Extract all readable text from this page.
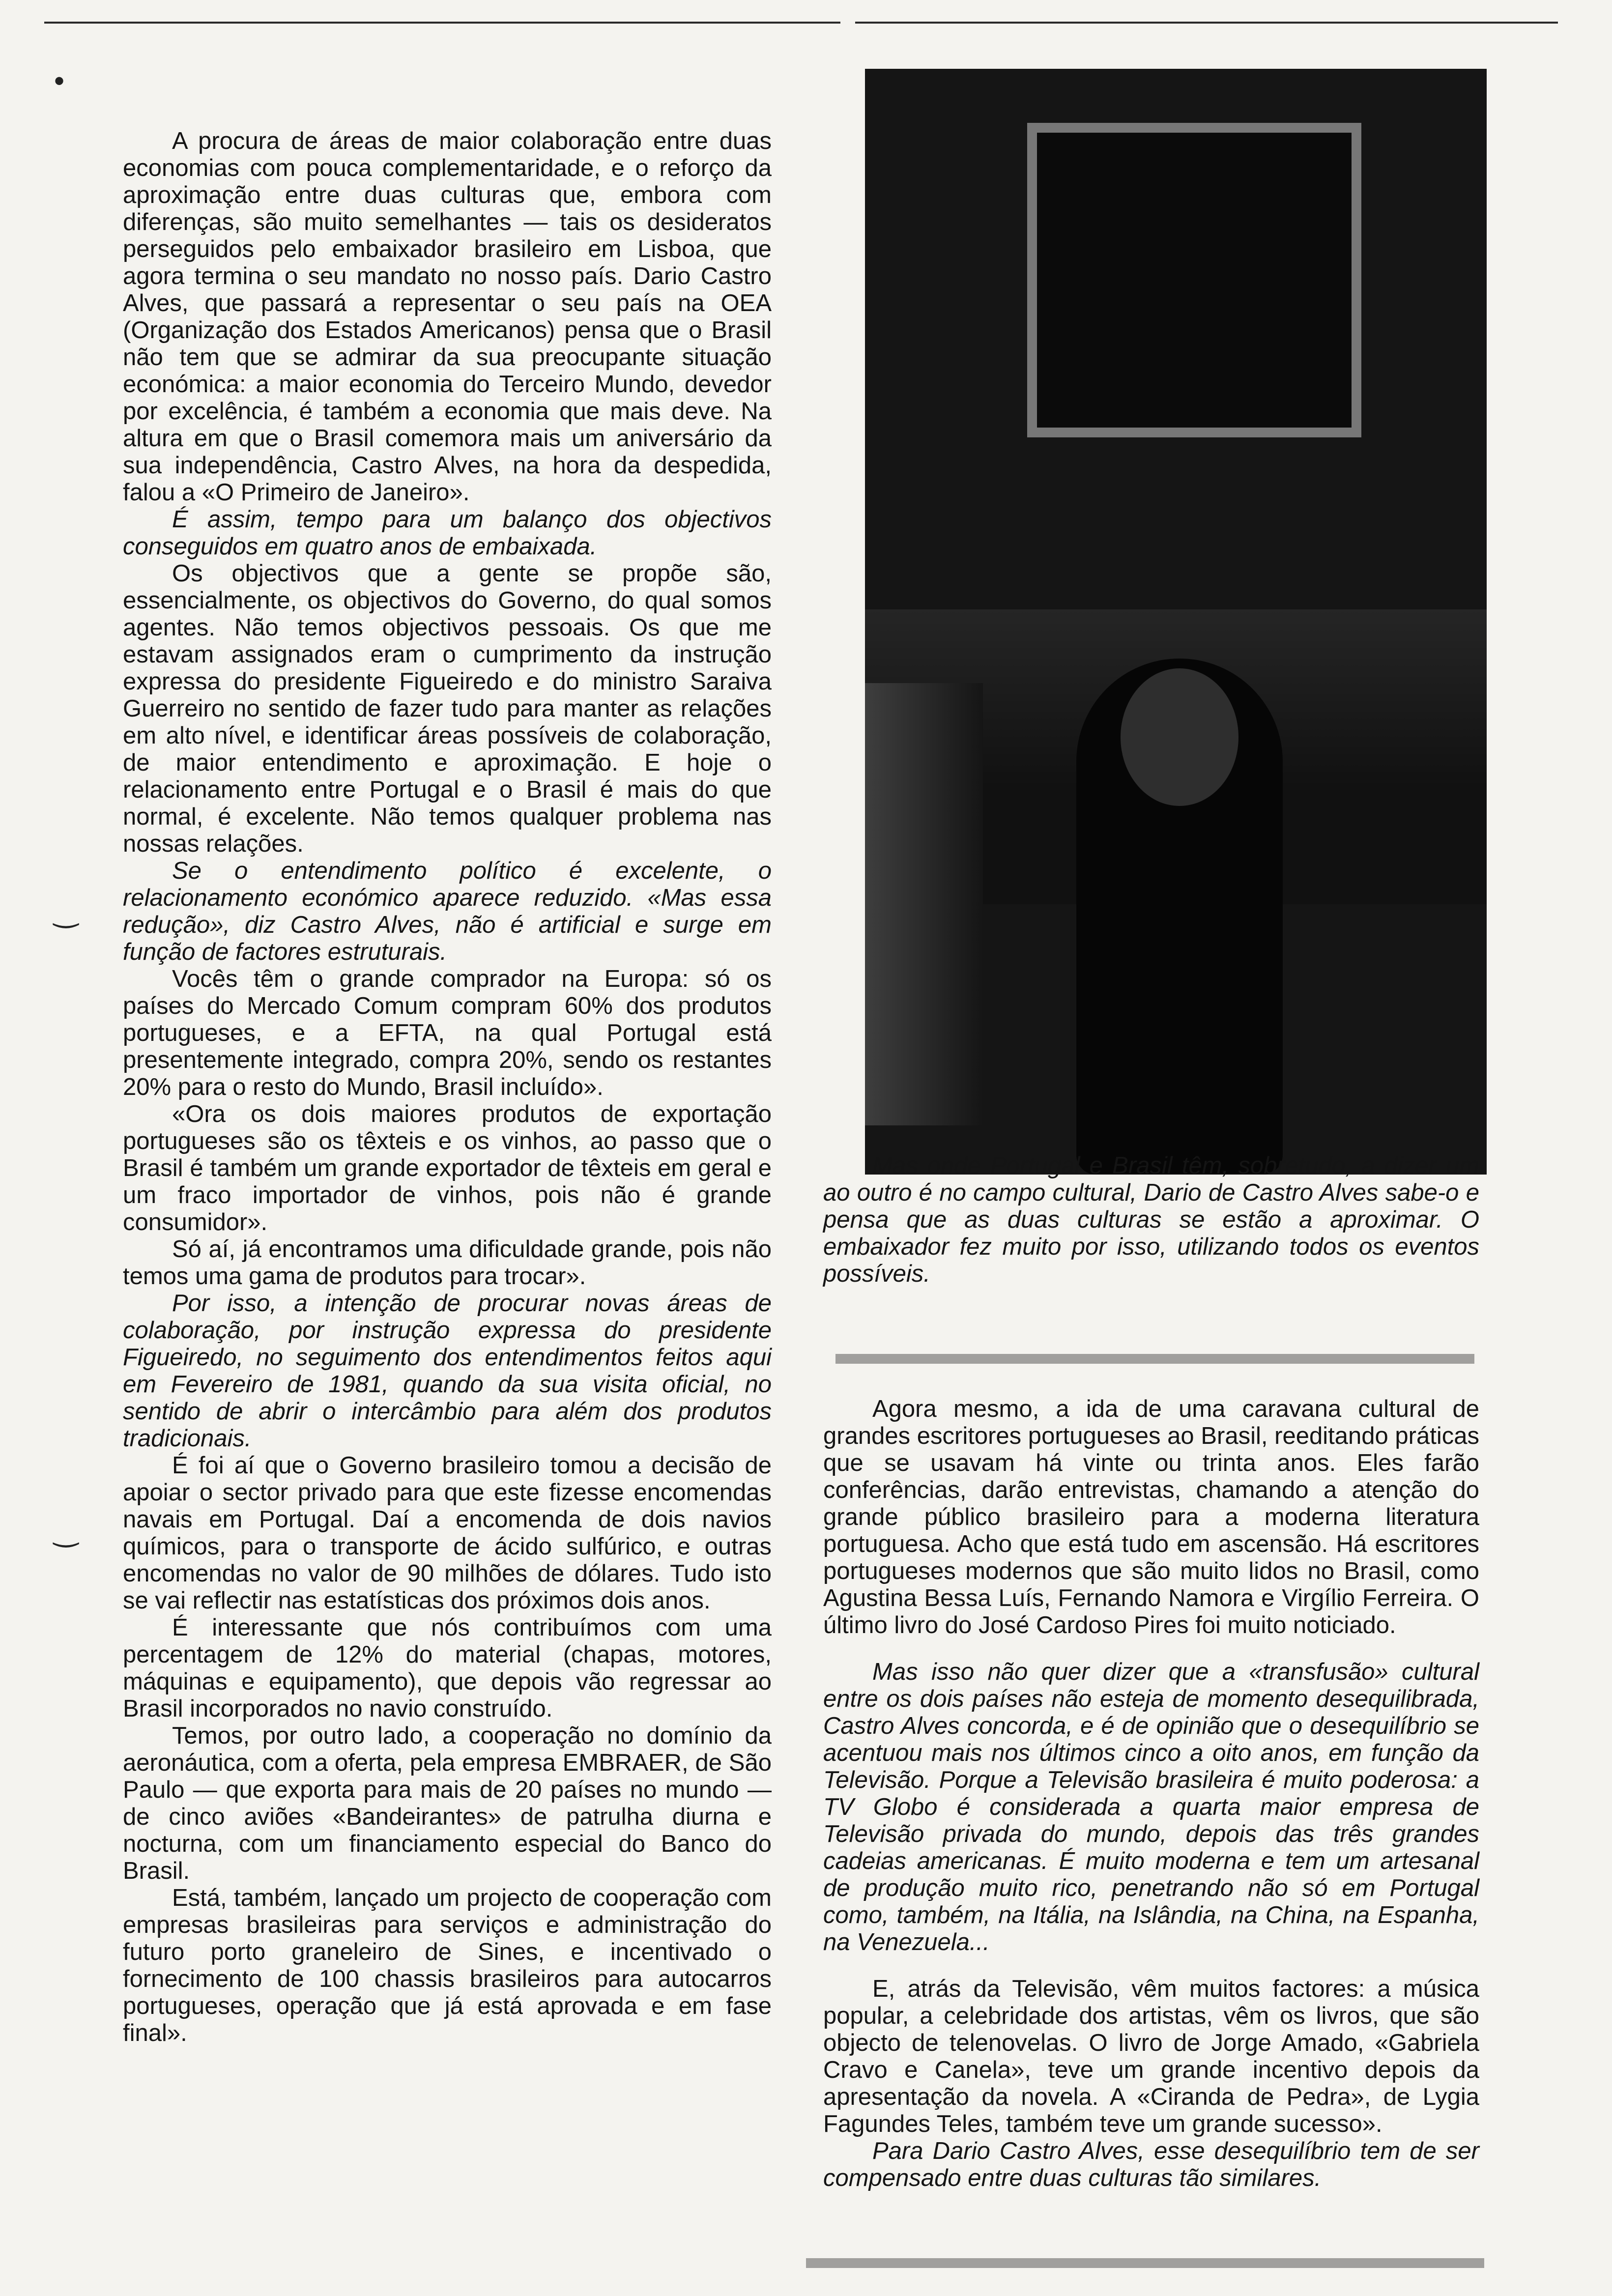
A procura de áreas de maior colaboração entre duas economias com pouca complementaridade, e o reforço da aproximação entre duas culturas que, embora com diferenças, são muito semelhantes — tais os desideratos perseguidos pelo embaixador brasileiro em Lisboa, que agora termina o seu mandato no nosso país. Dario Castro Alves, que passará a representar o seu país na OEA (Organização dos Estados Americanos) pensa que o Brasil não tem que se admirar da sua preocupante situação económica: a maior economia do Terceiro Mundo, devedor por excelência, é também a economia que mais deve. Na altura em que o Brasil comemora mais um aniversário da sua independência, Castro Alves, na hora da despedida, falou a «O Primeiro de Janeiro».

É assim, tempo para um balanço dos objectivos conseguidos em quatro anos de embaixada.

Os objectivos que a gente se propõe são, essencialmente, os objectivos do Governo, do qual somos agentes. Não temos objectivos pessoais. Os que me estavam assignados eram o cumprimento da instrução expressa do presidente Figueiredo e do ministro Saraiva Guerreiro no sentido de fazer tudo para manter as relações em alto nível, e identificar áreas possíveis de colaboração, de maior entendimento e aproximação. E hoje o relacionamento entre Portugal e o Brasil é mais do que normal, é excelente. Não temos qualquer problema nas nossas relações.

Se o entendimento político é excelente, o relacionamento económico aparece reduzido. «Mas essa redução», diz Castro Alves, não é artificial e surge em função de factores estruturais.

Vocês têm o grande comprador na Europa: só os países do Mercado Comum compram 60% dos produtos portugueses, e a EFTA, na qual Portugal está presentemente integrado, compra 20%, sendo os restantes 20% para o resto do Mundo, Brasil incluído».

«Ora os dois maiores produtos de exportação portugueses são os têxteis e os vinhos, ao passo que o Brasil é também um grande exportador de têxteis em geral e um fraco importador de vinhos, pois não é grande consumidor».

Só aí, já encontramos uma dificuldade grande, pois não temos uma gama de produtos para trocar».

Por isso, a intenção de procurar novas áreas de colaboração, por instrução expressa do presidente Figueiredo, no seguimento dos entendimentos feitos aqui em Fevereiro de 1981, quando da sua visita oficial, no sentido de abrir o intercâmbio para além dos produtos tradicionais.

É foi aí que o Governo brasileiro tomou a decisão de apoiar o sector privado para que este fizesse encomendas navais em Portugal. Daí a encomenda de dois navios químicos, para o transporte de ácido sulfúrico, e outras encomendas no valor de 90 milhões de dólares. Tudo isto se vai reflectir nas estatísticas dos próximos dois anos.

É interessante que nós contribuímos com uma percentagem de 12% do material (chapas, motores, máquinas e equipamento), que depois vão regressar ao Brasil incorporados no navio construído.

Temos, por outro lado, a cooperação no domínio da aeronáutica, com a oferta, pela empresa EMBRAER, de São Paulo — que exporta para mais de 20 países no mundo — de cinco aviões «Bandeirantes» de patrulha diurna e nocturna, com um financiamento especial do Banco do Brasil.

Está, também, lançado um projecto de cooperação com empresas brasileiras para serviços e administração do futuro porto graneleiro de Sines, e incentivado o fornecimento de 100 chassis brasileiros para autocarros portugueses, operação que já está aprovada e em fase final».

Mas onde Portugal e Brasil têm, sobretudo, a dizer um ao outro é no campo cultural, Dario de Castro Alves sabe-o e pensa que as duas culturas se estão a aproximar. O embaixador fez muito por isso, utilizando todos os eventos possíveis.

Agora mesmo, a ida de uma caravana cultural de grandes escritores portugueses ao Brasil, reeditando práticas que se usavam há vinte ou trinta anos. Eles farão conferências, darão entrevistas, chamando a atenção do grande público brasileiro para a moderna literatura portuguesa. Acho que está tudo em ascensão. Há escritores portugueses modernos que são muito lidos no Brasil, como Agustina Bessa Luís, Fernando Namora e Virgílio Ferreira. O último livro do José Cardoso Pires foi muito noticiado.

Mas isso não quer dizer que a «transfusão» cultural entre os dois países não esteja de momento desequilibrada, Castro Alves concorda, e é de opinião que o desequilíbrio se acentuou mais nos últimos cinco a oito anos, em função da Televisão. Porque a Televisão brasileira é muito poderosa: a TV Globo é considerada a quarta maior empresa de Televisão privada do mundo, depois das três grandes cadeias americanas. É muito moderna e tem um artesanal de produção muito rico, penetrando não só em Portugal como, também, na Itália, na Islândia, na China, na Espanha, na Venezuela...

E, atrás da Televisão, vêm muitos factores: a música popular, a celebridade dos artistas, vêm os livros, que são objecto de telenovelas. O livro de Jorge Amado, «Gabriela Cravo e Canela», teve um grande incentivo depois da apresentação da novela. A «Ciranda de Pedra», de Lygia Fagundes Teles, também teve um grande sucesso».

Para Dario Castro Alves, esse desequilíbrio tem de ser compensado entre duas culturas tão similares.

•
‿
‿
